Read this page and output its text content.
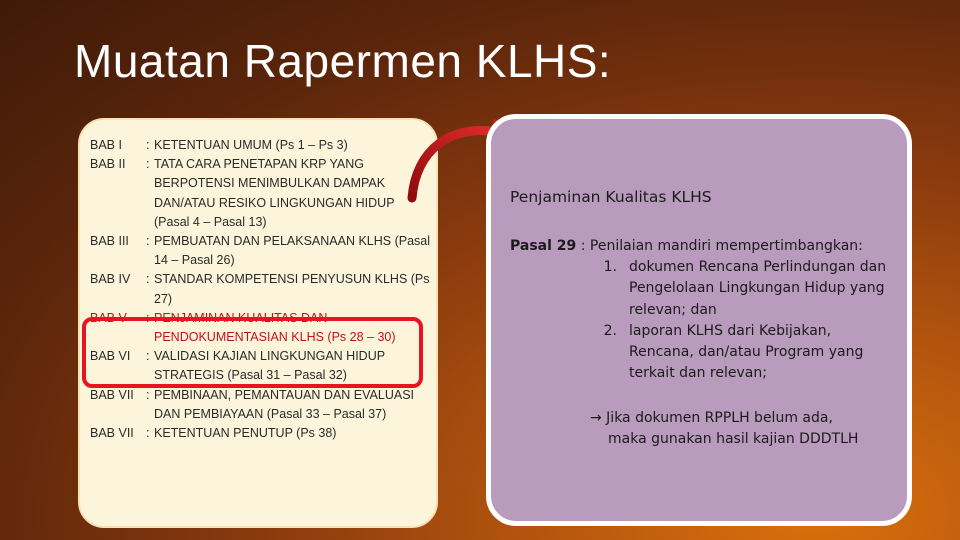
Muatan Rapermen KLHS:
BAB I	: KETENTUAN UMUM (Ps 1 – Ps 3)
BAB II	: TATA CARA PENETAPAN KRP YANG BERPOTENSI MENIMBULKAN DAMPAK DAN/ATAU RESIKO LINGKUNGAN HIDUP (Pasal 4 – Pasal 13)
BAB III	: PEMBUATAN DAN PELAKSANAAN KLHS (Pasal 14 – Pasal 26)
BAB IV	: STANDAR KOMPETENSI PENYUSUN KLHS (Ps 27)
BAB V	: PENJAMINAN KUALITAS DAN PENDOKUMENTASIAN KLHS (Ps 28 – 30)
BAB VI	: VALIDASI KAJIAN LINGKUNGAN HIDUP STRATEGIS (Pasal 31 – Pasal 32)
BAB VII : PEMBINAAN, PEMANTAUAN DAN EVALUASI DAN PEMBIAYAAN (Pasal 33 – Pasal 37)
BAB VII : KETENTUAN PENUTUP (Ps 38)
Penjaminan Kualitas KLHS
Pasal 29 : Penilaian mandiri mempertimbangkan:
1. dokumen Rencana Perlindungan dan Pengelolaan Lingkungan Hidup yang relevan; dan
2. laporan KLHS dari Kebijakan, Rencana, dan/atau Program yang terkait dan relevan;
→ Jika dokumen RPPLH belum ada,
maka gunakan hasil kajian DDDTLH
